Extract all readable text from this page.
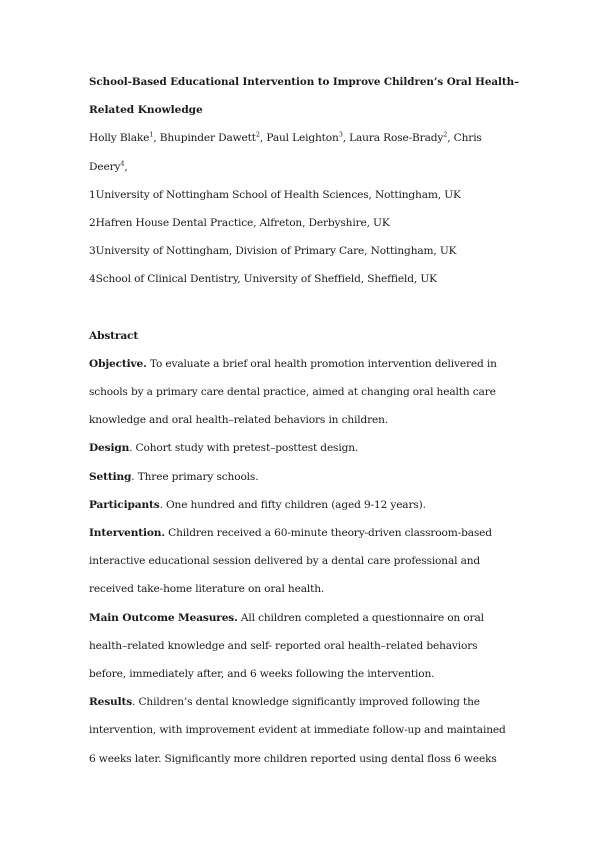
School-Based Educational Intervention to Improve Children’s Oral Health–
Related Knowledge
Holly Blake$^1$, Bhupinder Dawett$^2$, Paul Leighton$^3$, Laura Rose-Brady$^2$, Chris
Deery$^4$,
1University of Nottingham School of Health Sciences, Nottingham, UK
2Hafren House Dental Practice, Alfreton, Derbyshire, UK
3University of Nottingham, Division of Primary Care, Nottingham, UK
4School of Clinical Dentistry, University of Sheffield, Sheffield, UK
Abstract
Objective. To evaluate a brief oral health promotion intervention delivered in
schools by a primary care dental practice, aimed at changing oral health care
knowledge and oral health–related behaviors in children.
Design. Cohort study with pretest–posttest design.
Setting. Three primary schools.
Participants. One hundred and fifty children (aged 9-12 years).
Intervention. Children received a 60-minute theory-driven classroom-based
interactive educational session delivered by a dental care professional and
received take-home literature on oral health.
Main Outcome Measures. All children completed a questionnaire on oral
health–related knowledge and self- reported oral health–related behaviors
before, immediately after, and 6 weeks following the intervention.
Results. Children’s dental knowledge significantly improved following the
intervention, with improvement evident at immediate follow-up and maintained
6 weeks later. Significantly more children reported using dental floss 6 weeks
